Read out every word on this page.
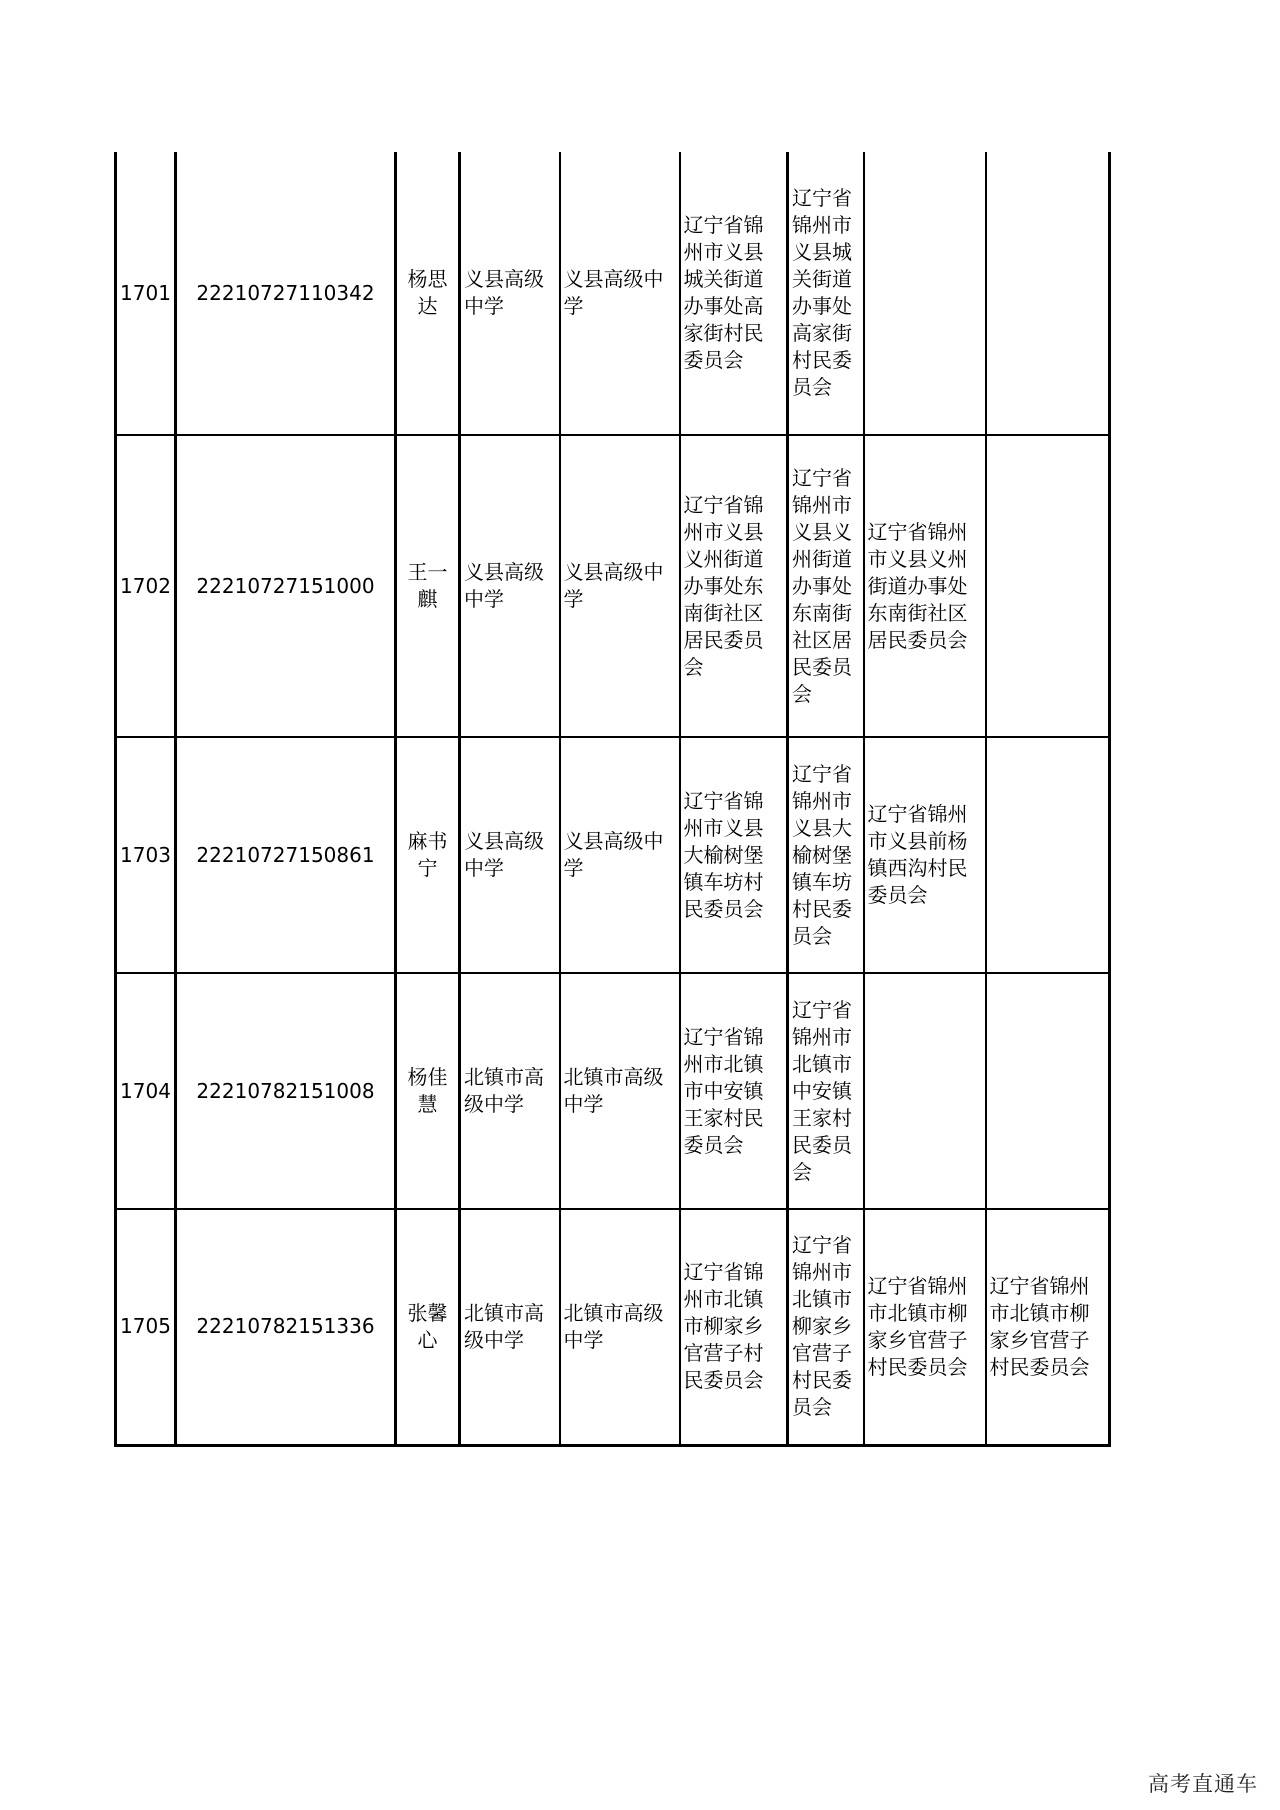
1701	22210727110342	杨思达	义县高级中学	义县高级中学	辽宁省锦州市义县城关街道办事处高家街村民委员会	辽宁省锦州市义县城关街道办事处高家街村民委员会		
1702	22210727151000	王一麒	义县高级中学	义县高级中学	辽宁省锦州市义县义州街道办事处东南街社区居民委员会	辽宁省锦州市义县义州街道办事处东南街社区居民委员会	辽宁省锦州市义县义州街道办事处东南街社区居民委员会	
1703	22210727150861	麻书宁	义县高级中学	义县高级中学	辽宁省锦州市义县大榆树堡镇车坊村民委员会	辽宁省锦州市义县大榆树堡镇车坊村民委员会	辽宁省锦州市义县前杨镇西沟村民委员会	
1704	22210782151008	杨佳慧	北镇市高级中学	北镇市高级中学	辽宁省锦州市北镇市中安镇王家村民委员会	辽宁省锦州市北镇市中安镇王家村民委员会		
1705	22210782151336	张馨心	北镇市高级中学	北镇市高级中学	辽宁省锦州市北镇市柳家乡官营子村民委员会	辽宁省锦州市北镇市柳家乡官营子村民委员会	辽宁省锦州市北镇市柳家乡官营子村民委员会	辽宁省锦州市北镇市柳家乡官营子村民委员会
高考直通车
